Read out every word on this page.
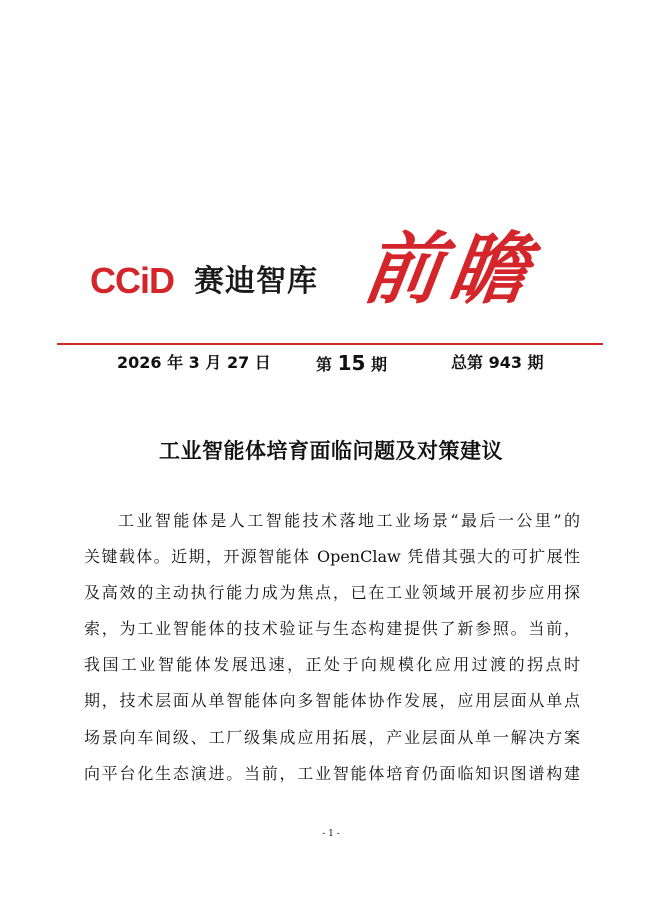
CCiD 赛迪智库 前瞻
2026 年 3 月 27 日	第 15 期	总第 943 期
工业智能体培育面临问题及对策建议
工业智能体是人工智能技术落地工业场景“最后一公里”的
关键载体。近期，开源智能体 OpenClaw 凭借其强大的可扩展性
及高效的主动执行能力成为焦点，已在工业领域开展初步应用探
索，为工业智能体的技术验证与生态构建提供了新参照。当前，
我国工业智能体发展迅速，正处于向规模化应用过渡的拐点时
期，技术层面从单智能体向多智能体协作发展，应用层面从单点
场景向车间级、工厂级集成应用拓展，产业层面从单一解决方案
向平台化生态演进。当前，工业智能体培育仍面临知识图谱构建
- 1 -
